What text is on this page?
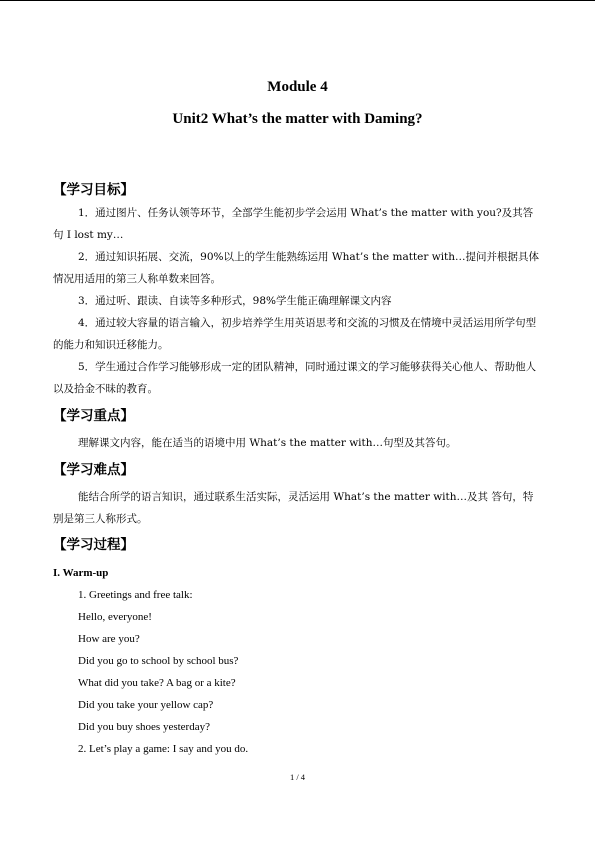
Module 4
Unit2 What’s the matter with Daming?
【学习目标】
1．通过图片、任务认领等环节，全部学生能初步学会运用 What’s the matter with you?及其答句 I lost my…
2．通过知识拓展、交流，90%以上的学生能熟练运用 What’s the matter with…提问并根据具体情况用适用的第三人称单数来回答。
3．通过听、跟读、自读等多种形式，98%学生能正确理解课文内容
4．通过较大容量的语言输入，初步培养学生用英语思考和交流的习惯及在情境中灵活运用所学句型的能力和知识迁移能力。
5．学生通过合作学习能够形成一定的团队精神，同时通过课文的学习能够获得关心他人、帮助他人以及拾金不昧的教育。
【学习重点】
理解课文内容，能在适当的语境中用 What’s the matter with…句型及其答句。
【学习难点】
能结合所学的语言知识，通过联系生活实际，灵活运用 What’s the matter with…及其 答句，特别是第三人称形式。
【学习过程】
I. Warm-up
1. Greetings and free talk:
Hello, everyone!
How are you?
Did you go to school by school bus?
What did you take? A bag or a kite?
Did you take your yellow cap?
Did you buy shoes yesterday?
2. Let’s play a game: I say and you do.
1 / 4
